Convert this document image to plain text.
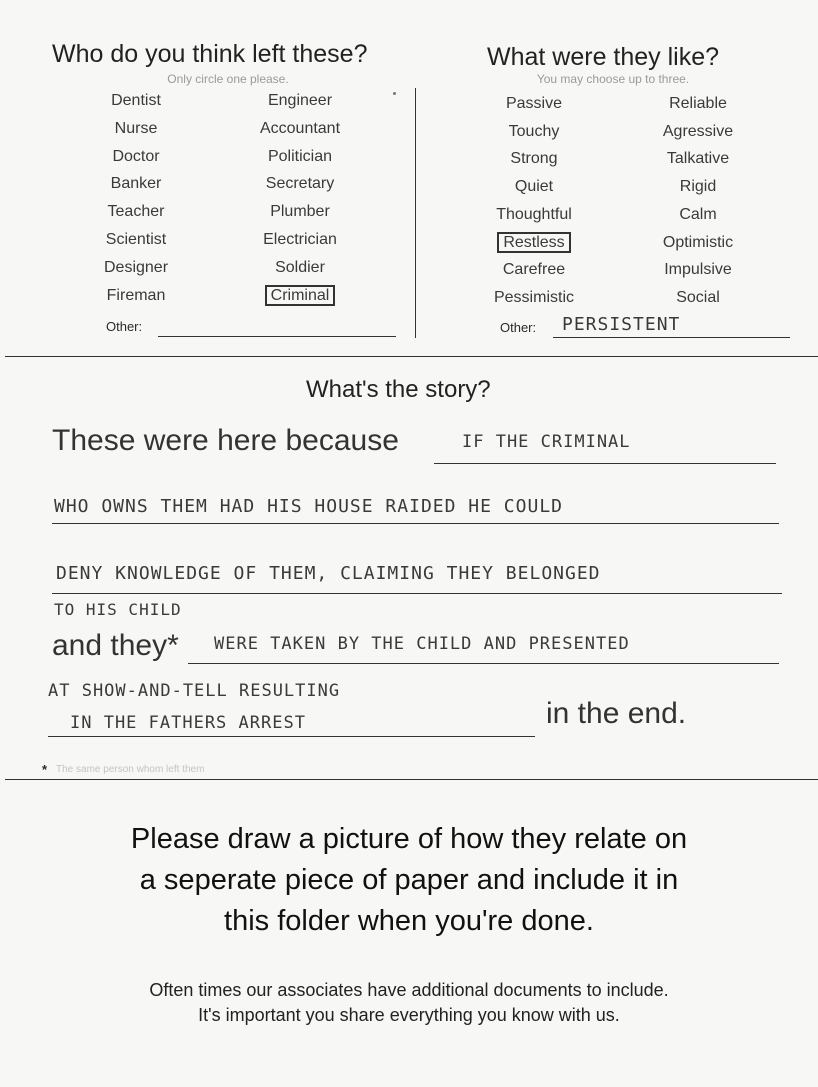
Who do you think left these?
Only circle one please.
Dentist
Nurse
Doctor
Banker
Teacher
Scientist
Designer
Fireman
Engineer
Accountant
Politician
Secretary
Plumber
Electrician
Soldier
Criminal
Other:
What were they like?
You may choose up to three.
Passive
Touchy
Strong
Quiet
Thoughtful
Restless
Carefree
Pessimistic
Reliable
Agressive
Talkative
Rigid
Calm
Optimistic
Impulsive
Social
Other: PERSISTENT
What's the story?
These were here because	IF THE CRIMINAL
WHO OWNS THEM HAD HIS HOUSE RAIDED HE COULD
DENY KNOWLEDGE OF THEM, CLAIMING THEY BELONGED
TO HIS CHILD
and they* WERE TAKEN BY THE CHILD AND PRESENTED
AT SHOW-AND-TELL RESULTING
IN THE FATHERS ARREST	in the end.
* The same person whom left them
Please draw a picture of how they relate on
a seperate piece of paper and include it in
this folder when you're done.
Often times our associates have additional documents to include.
It's important you share everything you know with us.
